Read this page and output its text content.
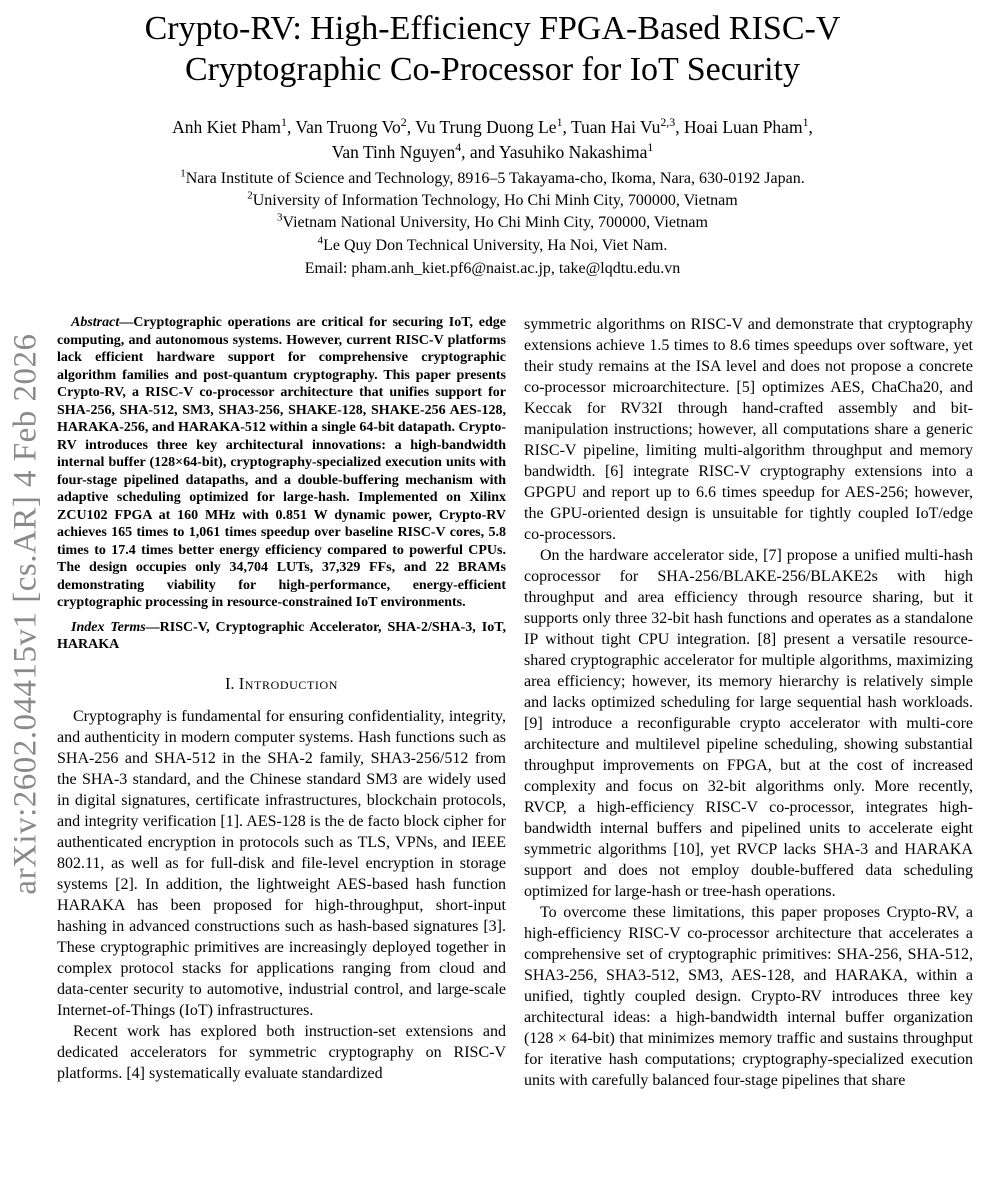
arXiv:2602.04415v1 [cs.AR] 4 Feb 2026
Crypto-RV: High-Efficiency FPGA-Based RISC-V
Cryptographic Co-Processor for IoT Security
Anh Kiet Pham$^1$, Van Truong Vo$^2$, Vu Trung Duong Le$^1$, Tuan Hai Vu$^{2,3}$, Hoai Luan Pham$^1$,
Van Tinh Nguyen$^4$, and Yasuhiko Nakashima$^1$
$^1$Nara Institute of Science and Technology, 8916–5 Takayama-cho, Ikoma, Nara, 630-0192 Japan.
$^2$University of Information Technology, Ho Chi Minh City, 700000, Vietnam
$^3$Vietnam National University, Ho Chi Minh City, 700000, Vietnam
$^4$Le Quy Don Technical University, Ha Noi, Viet Nam.
Email: pham.anh_kiet.pf6@naist.ac.jp, take@lqdtu.edu.vn

Abstract—Cryptographic operations are critical for securing IoT, edge computing, and autonomous systems. However, current RISC-V platforms lack efficient hardware support for comprehensive cryptographic algorithm families and post-quantum cryptography. This paper presents Crypto-RV, a RISC-V co-processor architecture that unifies support for SHA-256, SHA-512, SM3, SHA3-256, SHAKE-128, SHAKE-256 AES-128, HARAKA-256, and HARAKA-512 within a single 64-bit datapath. Crypto-RV introduces three key architectural innovations: a high-bandwidth internal buffer (128×64-bit), cryptography-specialized execution units with four-stage pipelined datapaths, and a double-buffering mechanism with adaptive scheduling optimized for large-hash. Implemented on Xilinx ZCU102 FPGA at 160 MHz with 0.851 W dynamic power, Crypto-RV achieves 165 times to 1,061 times speedup over baseline RISC-V cores, 5.8 times to 17.4 times better energy efficiency compared to powerful CPUs. The design occupies only 34,704 LUTs, 37,329 FFs, and 22 BRAMs demonstrating viability for high-performance, energy-efficient cryptographic processing in resource-constrained IoT environments.

Index Terms—RISC-V, Cryptographic Accelerator, SHA-2/SHA-3, IoT, HARAKA

I. Introduction

Cryptography is fundamental for ensuring confidentiality, integrity, and authenticity in modern computer systems. Hash functions such as SHA-256 and SHA-512 in the SHA-2 family, SHA3-256/512 from the SHA-3 standard, and the Chinese standard SM3 are widely used in digital signatures, certificate infrastructures, blockchain protocols, and integrity verification [1]. AES-128 is the de facto block cipher for authenticated encryption in protocols such as TLS, VPNs, and IEEE 802.11, as well as for full-disk and file-level encryption in storage systems [2]. In addition, the lightweight AES-based hash function HARAKA has been proposed for high-throughput, short-input hashing in advanced constructions such as hash-based signatures [3]. These cryptographic primitives are increasingly deployed together in complex protocol stacks for applications ranging from cloud and data-center security to automotive, industrial control, and large-scale Internet-of-Things (IoT) infrastructures.

Recent work has explored both instruction-set extensions and dedicated accelerators for symmetric cryptography on RISC-V platforms. [4] systematically evaluate standardized

symmetric algorithms on RISC-V and demonstrate that cryptography extensions achieve 1.5 times to 8.6 times speedups over software, yet their study remains at the ISA level and does not propose a concrete co-processor microarchitecture. [5] optimizes AES, ChaCha20, and Keccak for RV32I through hand-crafted assembly and bit-manipulation instructions; however, all computations share a generic RISC-V pipeline, limiting multi-algorithm throughput and memory bandwidth. [6] integrate RISC-V cryptography extensions into a GPGPU and report up to 6.6 times speedup for AES-256; however, the GPU-oriented design is unsuitable for tightly coupled IoT/edge co-processors.

On the hardware accelerator side, [7] propose a unified multi-hash coprocessor for SHA-256/BLAKE-256/BLAKE2s with high throughput and area efficiency through resource sharing, but it supports only three 32-bit hash functions and operates as a standalone IP without tight CPU integration. [8] present a versatile resource-shared cryptographic accelerator for multiple algorithms, maximizing area efficiency; however, its memory hierarchy is relatively simple and lacks optimized scheduling for large sequential hash workloads. [9] introduce a reconfigurable crypto accelerator with multi-core architecture and multilevel pipeline scheduling, showing substantial throughput improvements on FPGA, but at the cost of increased complexity and focus on 32-bit algorithms only. More recently, RVCP, a high-efficiency RISC-V co-processor, integrates high-bandwidth internal buffers and pipelined units to accelerate eight symmetric algorithms [10], yet RVCP lacks SHA-3 and HARAKA support and does not employ double-buffered data scheduling optimized for large-hash or tree-hash operations.

To overcome these limitations, this paper proposes Crypto-RV, a high-efficiency RISC-V co-processor architecture that accelerates a comprehensive set of cryptographic primitives: SHA-256, SHA-512, SHA3-256, SHA3-512, SM3, AES-128, and HARAKA, within a unified, tightly coupled design. Crypto-RV introduces three key architectural ideas: a high-bandwidth internal buffer organization (128 × 64-bit) that minimizes memory traffic and sustains throughput for iterative hash computations; cryptography-specialized execution units with carefully balanced four-stage pipelines that share
